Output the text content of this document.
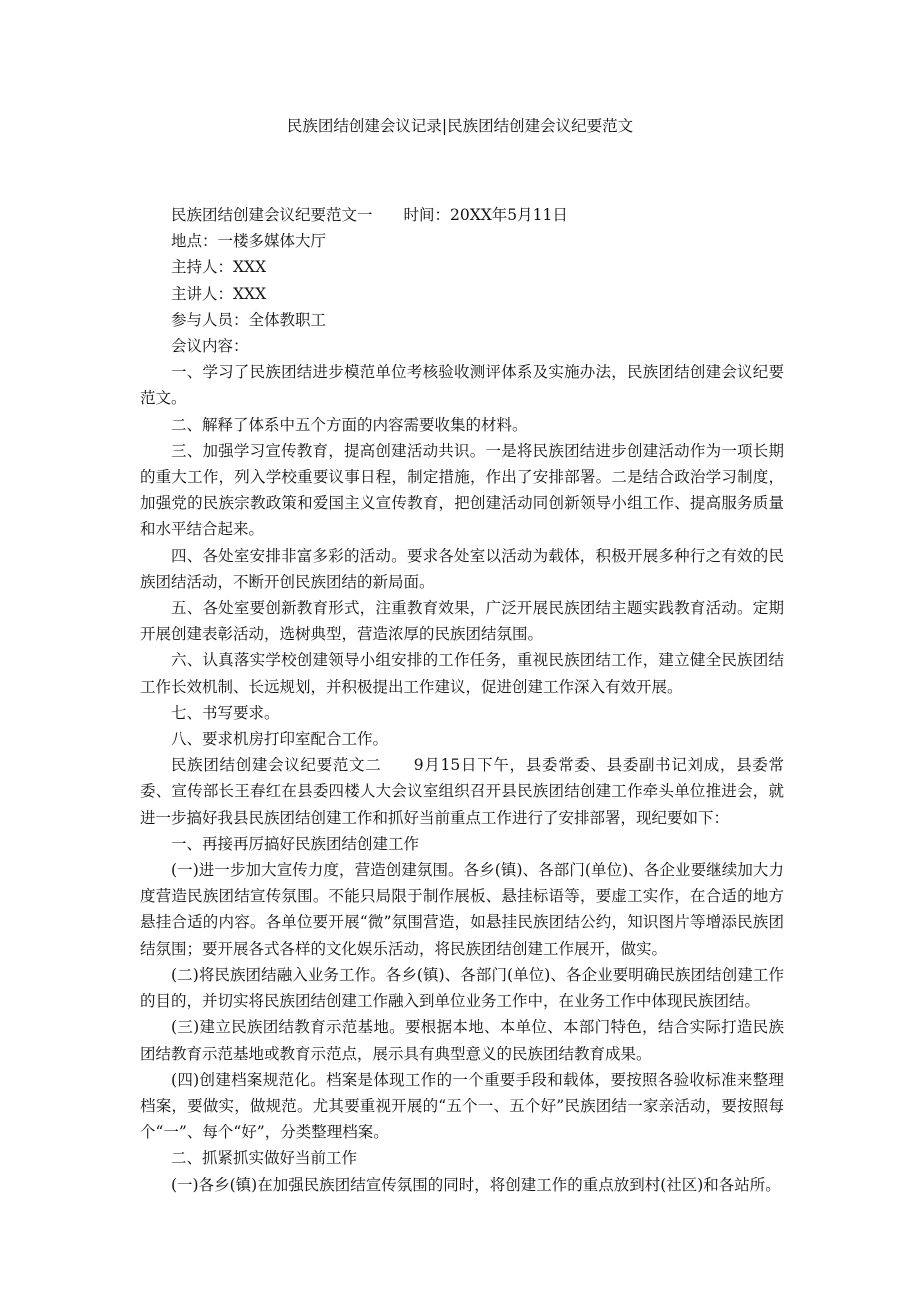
民族团结创建会议记录|民族团结创建会议纪要范文

民族团结创建会议纪要范文一　　时间：20XX年5月11日

地点：一楼多媒体大厅

主持人：XXX

主讲人：XXX

参与人员：全体教职工

会议内容：

一、学习了民族团结进步模范单位考核验收测评体系及实施办法，民族团结创建会议纪要范文。

二、解释了体系中五个方面的内容需要收集的材料。

三、加强学习宣传教育，提高创建活动共识。一是将民族团结进步创建活动作为一项长期的重大工作，列入学校重要议事日程，制定措施，作出了安排部署。二是结合政治学习制度，加强党的民族宗教政策和爱国主义宣传教育，把创建活动同创新领导小组工作、提高服务质量和水平结合起来。

四、各处室安排非富多彩的活动。要求各处室以活动为载体，积极开展多种行之有效的民族团结活动，不断开创民族团结的新局面。

五、各处室要创新教育形式，注重教育效果，广泛开展民族团结主题实践教育活动。定期开展创建表彰活动，选树典型，营造浓厚的民族团结氛围。

六、认真落实学校创建领导小组安排的工作任务，重视民族团结工作，建立健全民族团结工作长效机制、长远规划，并积极提出工作建议，促进创建工作深入有效开展。

七、书写要求。

八、要求机房打印室配合工作。

民族团结创建会议纪要范文二　　9月15日下午，县委常委、县委副书记刘成，县委常委、宣传部长王春红在县委四楼人大会议室组织召开县民族团结创建工作牵头单位推进会，就进一步搞好我县民族团结创建工作和抓好当前重点工作进行了安排部署，现纪要如下：

一、再接再厉搞好民族团结创建工作

(一)进一步加大宣传力度，营造创建氛围。各乡(镇)、各部门(单位)、各企业要继续加大力度营造民族团结宣传氛围。不能只局限于制作展板、悬挂标语等，要虚工实作，在合适的地方悬挂合适的内容。各单位要开展“微”氛围营造，如悬挂民族团结公约，知识图片等增添民族团结氛围；要开展各式各样的文化娱乐活动，将民族团结创建工作展开，做实。

(二)将民族团结融入业务工作。各乡(镇)、各部门(单位)、各企业要明确民族团结创建工作的目的，并切实将民族团结创建工作融入到单位业务工作中，在业务工作中体现民族团结。

(三)建立民族团结教育示范基地。要根据本地、本单位、本部门特色，结合实际打造民族团结教育示范基地或教育示范点，展示具有典型意义的民族团结教育成果。

(四)创建档案规范化。档案是体现工作的一个重要手段和载体，要按照各验收标准来整理档案，要做实，做规范。尤其要重视开展的“五个一、五个好”民族团结一家亲活动，要按照每个“一”、每个“好”，分类整理档案。

二、抓紧抓实做好当前工作

(一)各乡(镇)在加强民族团结宣传氛围的同时，将创建工作的重点放到村(社区)和各站所。
